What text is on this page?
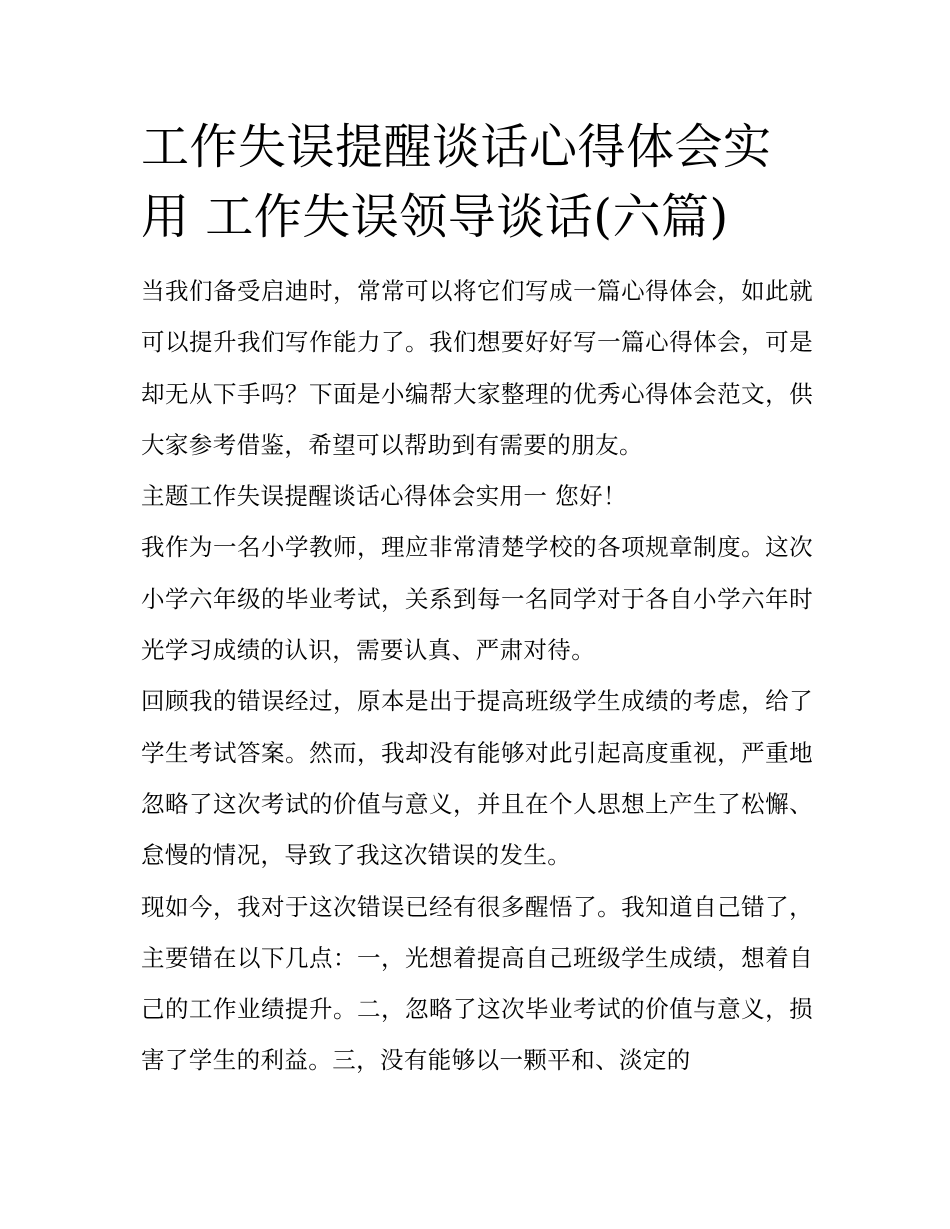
工作失误提醒谈话心得体会实用 工作失误领导谈话(六篇)

当我们备受启迪时，常常可以将它们写成一篇心得体会，如此就可以提升我们写作能力了。我们想要好好写一篇心得体会，可是却无从下手吗？下面是小编帮大家整理的优秀心得体会范文，供大家参考借鉴，希望可以帮助到有需要的朋友。

主题工作失误提醒谈话心得体会实用一 您好！

我作为一名小学教师，理应非常清楚学校的各项规章制度。这次小学六年级的毕业考试，关系到每一名同学对于各自小学六年时光学习成绩的认识，需要认真、严肃对待。

回顾我的错误经过，原本是出于提高班级学生成绩的考虑，给了学生考试答案。然而，我却没有能够对此引起高度重视，严重地忽略了这次考试的价值与意义，并且在个人思想上产生了松懈、怠慢的情况，导致了我这次错误的发生。

现如今，我对于这次错误已经有很多醒悟了。我知道自己错了，主要错在以下几点：一，光想着提高自己班级学生成绩，想着自己的工作业绩提升。二，忽略了这次毕业考试的价值与意义，损害了学生的利益。三，没有能够以一颗平和、淡定的
